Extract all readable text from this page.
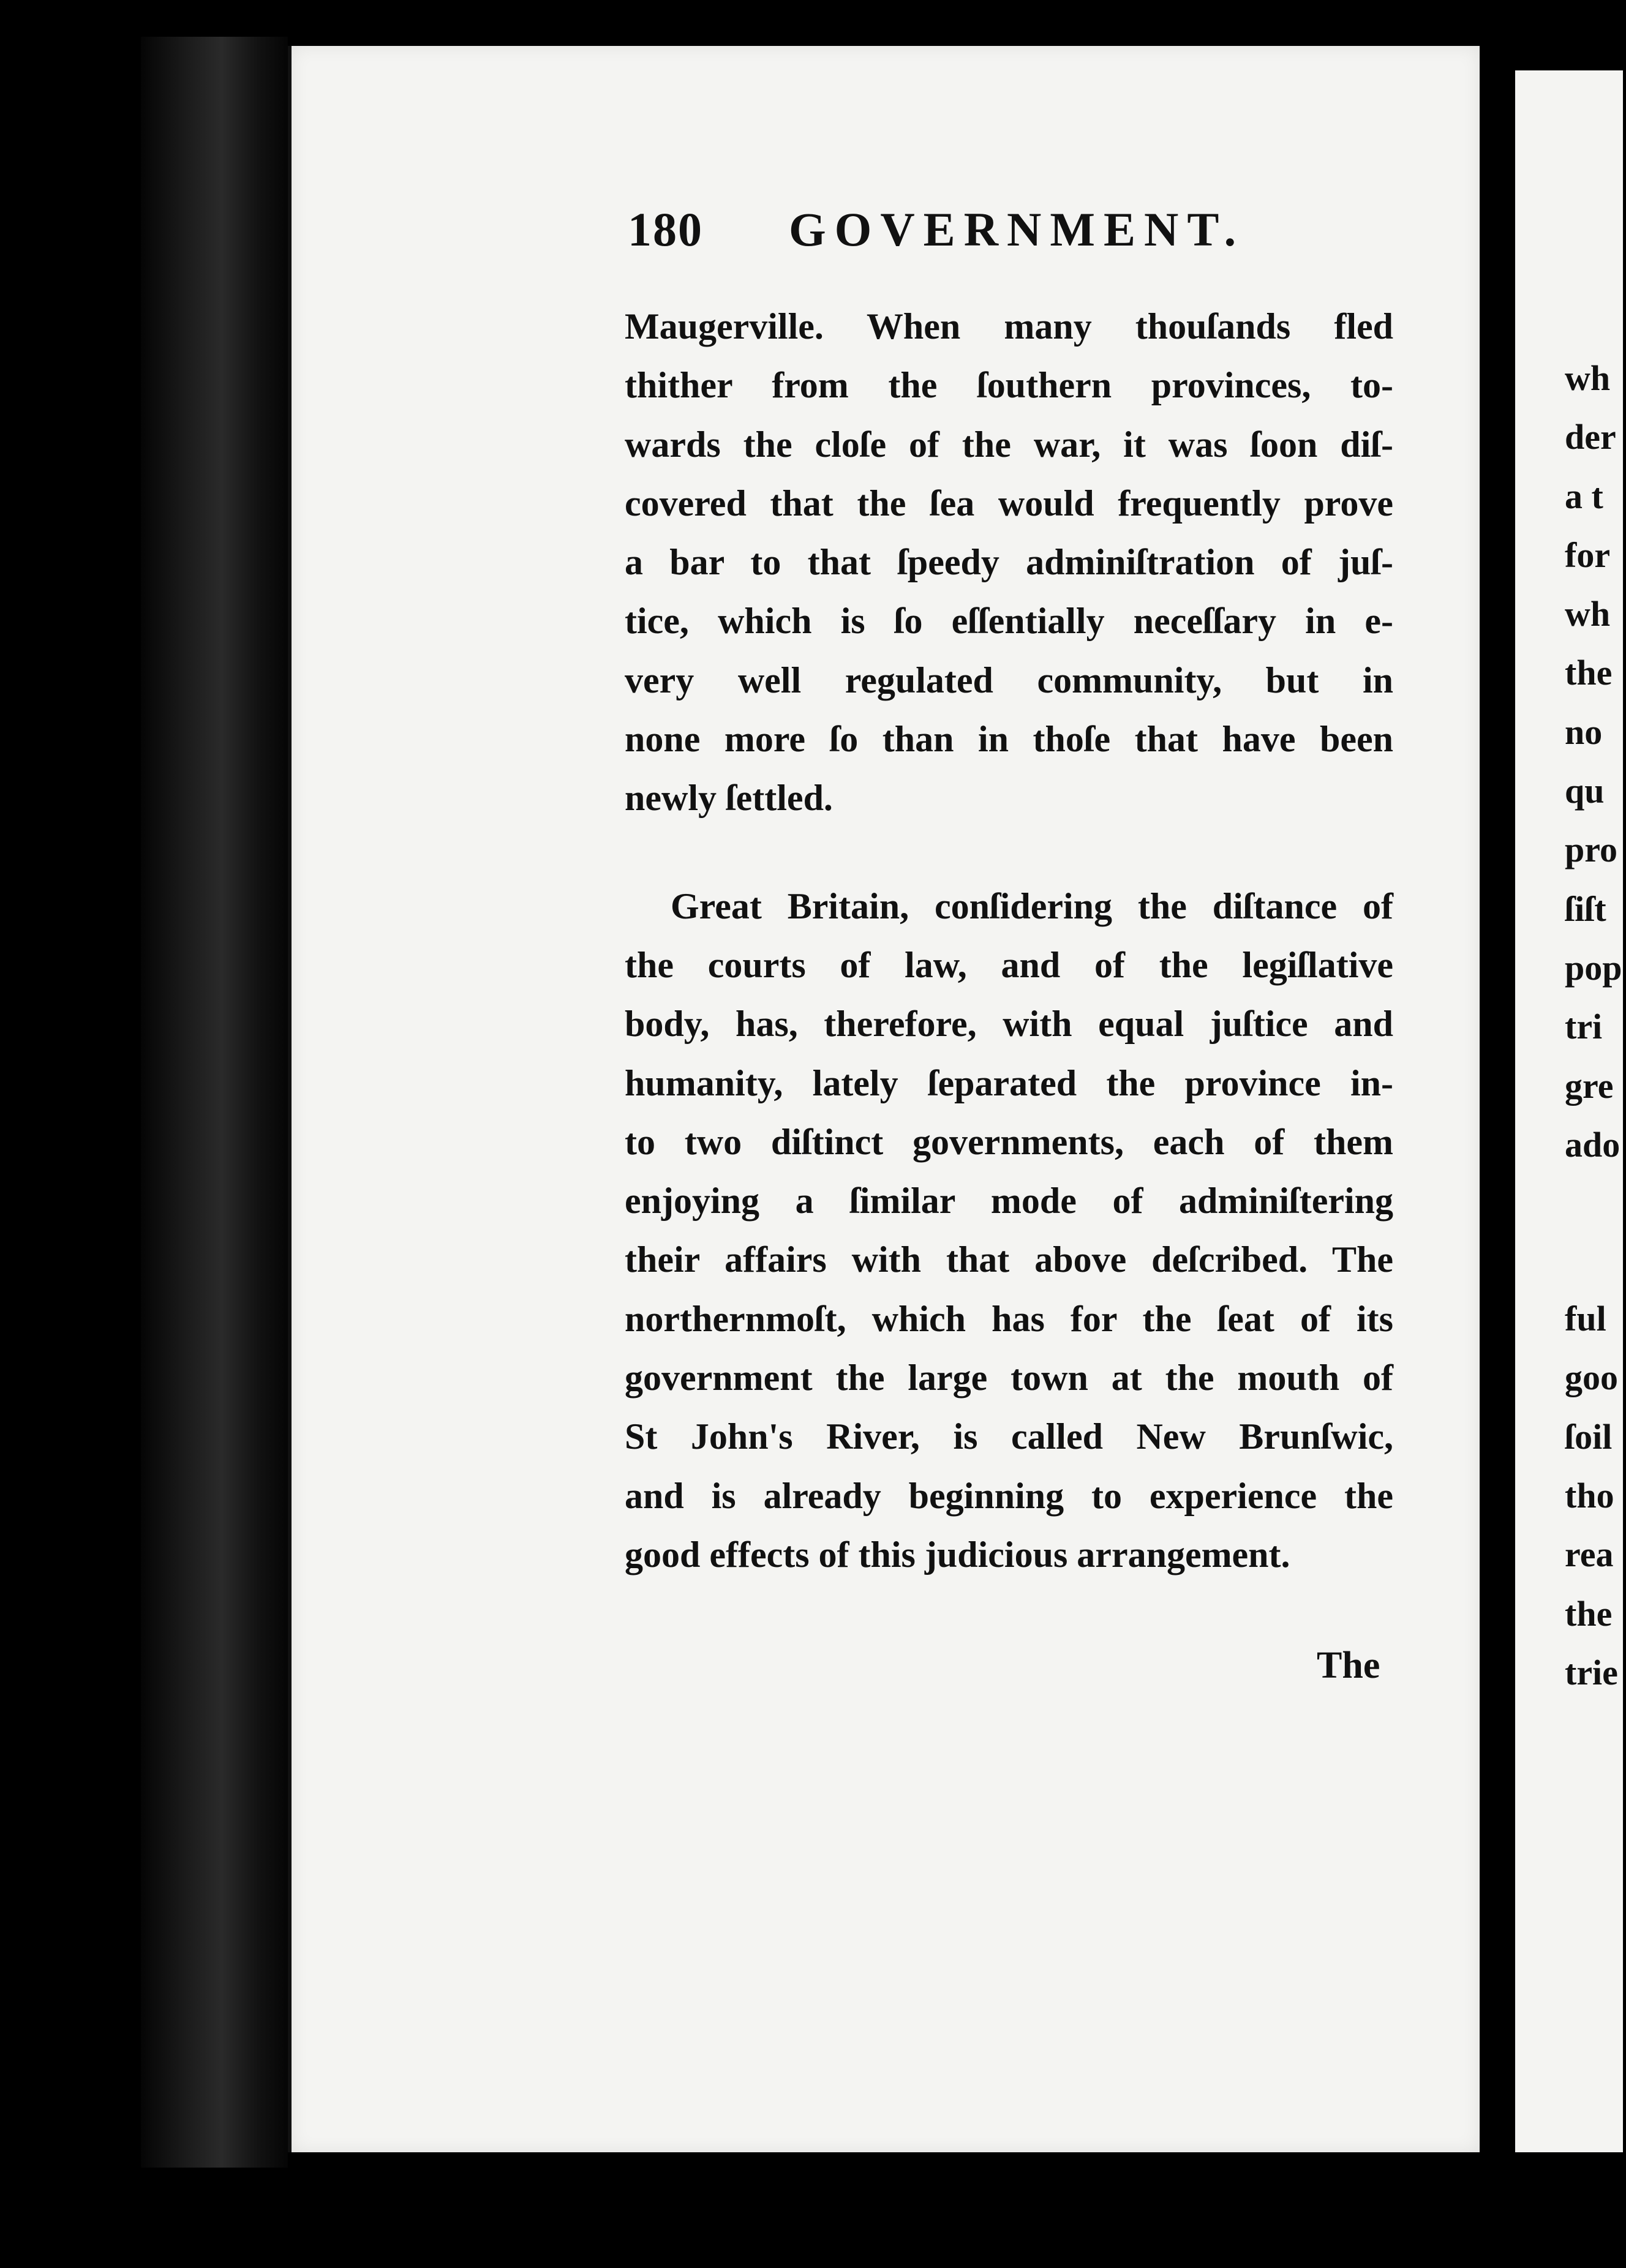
180 GOVERNMENT.
Maugerville. When many thouſands fled
thither from the ſouthern provinces, to-
wards the cloſe of the war, it was ſoon diſ-
covered that the ſea would frequently prove
a bar to that ſpeedy adminiſtration of juſ-
tice, which is ſo eſſentially neceſſary in e-
very well regulated community, but in
none more ſo than in thoſe that have been
newly ſettled.
Great Britain, conſidering the diſtance of
the courts of law, and of the legiſlative
body, has, therefore, with equal juſtice and
humanity, lately ſeparated the province in-
to two diſtinct governments, each of them
enjoying a ſimilar mode of adminiſtering
their affairs with that above deſcribed. The
northernmoſt, which has for the ſeat of its
government the large town at the mouth of
St John's River, is called New Brunſwic,
and is already beginning to experience the
good effects of this judicious arrangement.
The
wh
der
a t
for
wh
the
no
qu
pro
ſiſt
pop
tri
gre
ado
ful
goo
ſoil
tho
rea
the
trie
